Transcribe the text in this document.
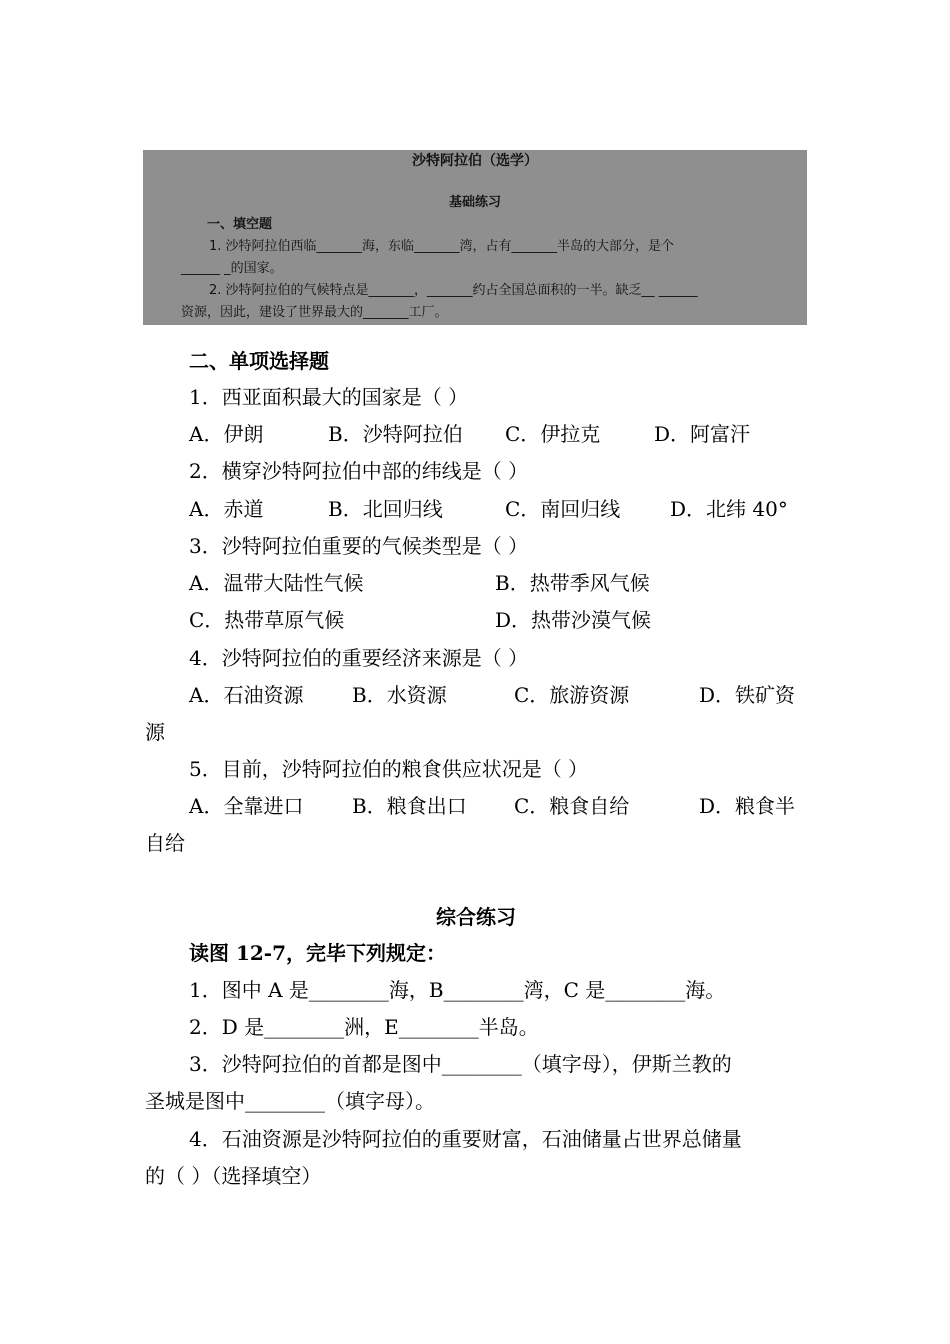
沙特阿拉伯（选学）
基础练习
一、填空题
1. 沙特阿拉伯西临_______海，东临_______湾，占有_______半岛的大部分，是个
______ _的国家。
2. 沙特阿拉伯的气候特点是_______，_______约占全国总面积的一半。缺乏__ ______
资源，因此，建设了世界最大的_______工厂。
二、单项选择题
1．西亚面积最大的国家是（ ）
A．伊朗	B．沙特阿拉伯 C．伊拉克	D．阿富汗
2．横穿沙特阿拉伯中部的纬线是（ ）
A．赤道	B．北回归线	C．南回归线 D．北纬 40°
3．沙特阿拉伯重要的气候类型是（ ）
A．温带大陆性气候	B．热带季风气候
C．热带草原气候	D．热带沙漠气候
4．沙特阿拉伯的重要经济来源是（ ）
A．石油资源 B．水资源	C．旅游资源	D．铁矿资
源
5．目前，沙特阿拉伯的粮食供应状况是（ ）
A．全靠进口 B．粮食出口 C．粮食自给	D．粮食半
自给
综合练习
读图 12-7，完毕下列规定：
1．图中 A 是________海，B________湾，C 是________海。
2．D 是________洲，E________半岛。
3．沙特阿拉伯的首都是图中________（填字母），伊斯兰教的
圣城是图中________（填字母）。
4．石油资源是沙特阿拉伯的重要财富，石油储量占世界总储量
的（ ）（选择填空）
